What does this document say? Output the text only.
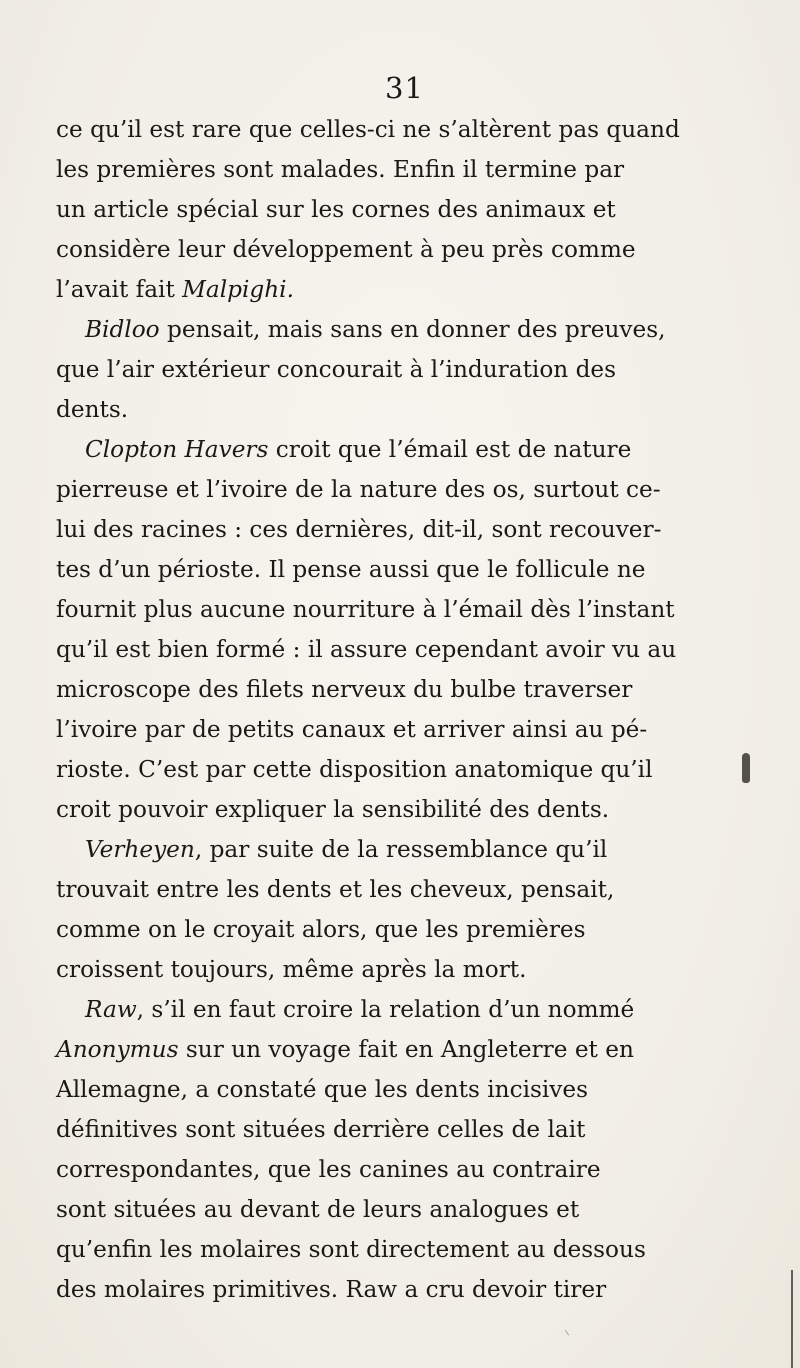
31
ce qu’il est rare que celles-ci ne s’altèrent pas quand
les premières sont malades. Enfin il termine par
un article spécial sur les cornes des animaux et
considère leur développement à peu près comme
l’avait fait Malpighi.
Bidloo pensait, mais sans en donner des preuves,
que l’air extérieur concourait à l’induration des
dents.
Clopton Havers croit que l’émail est de nature
pierreuse et l’ivoire de la nature des os, surtout ce-
lui des racines : ces dernières, dit-il, sont recouver-
tes d’un périoste. Il pense aussi que le follicule ne
fournit plus aucune nourriture à l’émail dès l’instant
qu’il est bien formé : il assure cependant avoir vu au
microscope des filets nerveux du bulbe traverser
l’ivoire par de petits canaux et arriver ainsi au pé-
rioste. C’est par cette disposition anatomique qu’il
croit pouvoir expliquer la sensibilité des dents.
Verheyen, par suite de la ressemblance qu’il
trouvait entre les dents et les cheveux, pensait,
comme on le croyait alors, que les premières
croissent toujours, même après la mort.
Raw, s’il en faut croire la relation d’un nommé
Anonymus sur un voyage fait en Angleterre et en
Allemagne, a constaté que les dents incisives
définitives sont situées derrière celles de lait
correspondantes, que les canines au contraire
sont situées au devant de leurs analogues et
qu’enfin les molaires sont directement au dessous
des molaires primitives. Raw a cru devoir tirer
